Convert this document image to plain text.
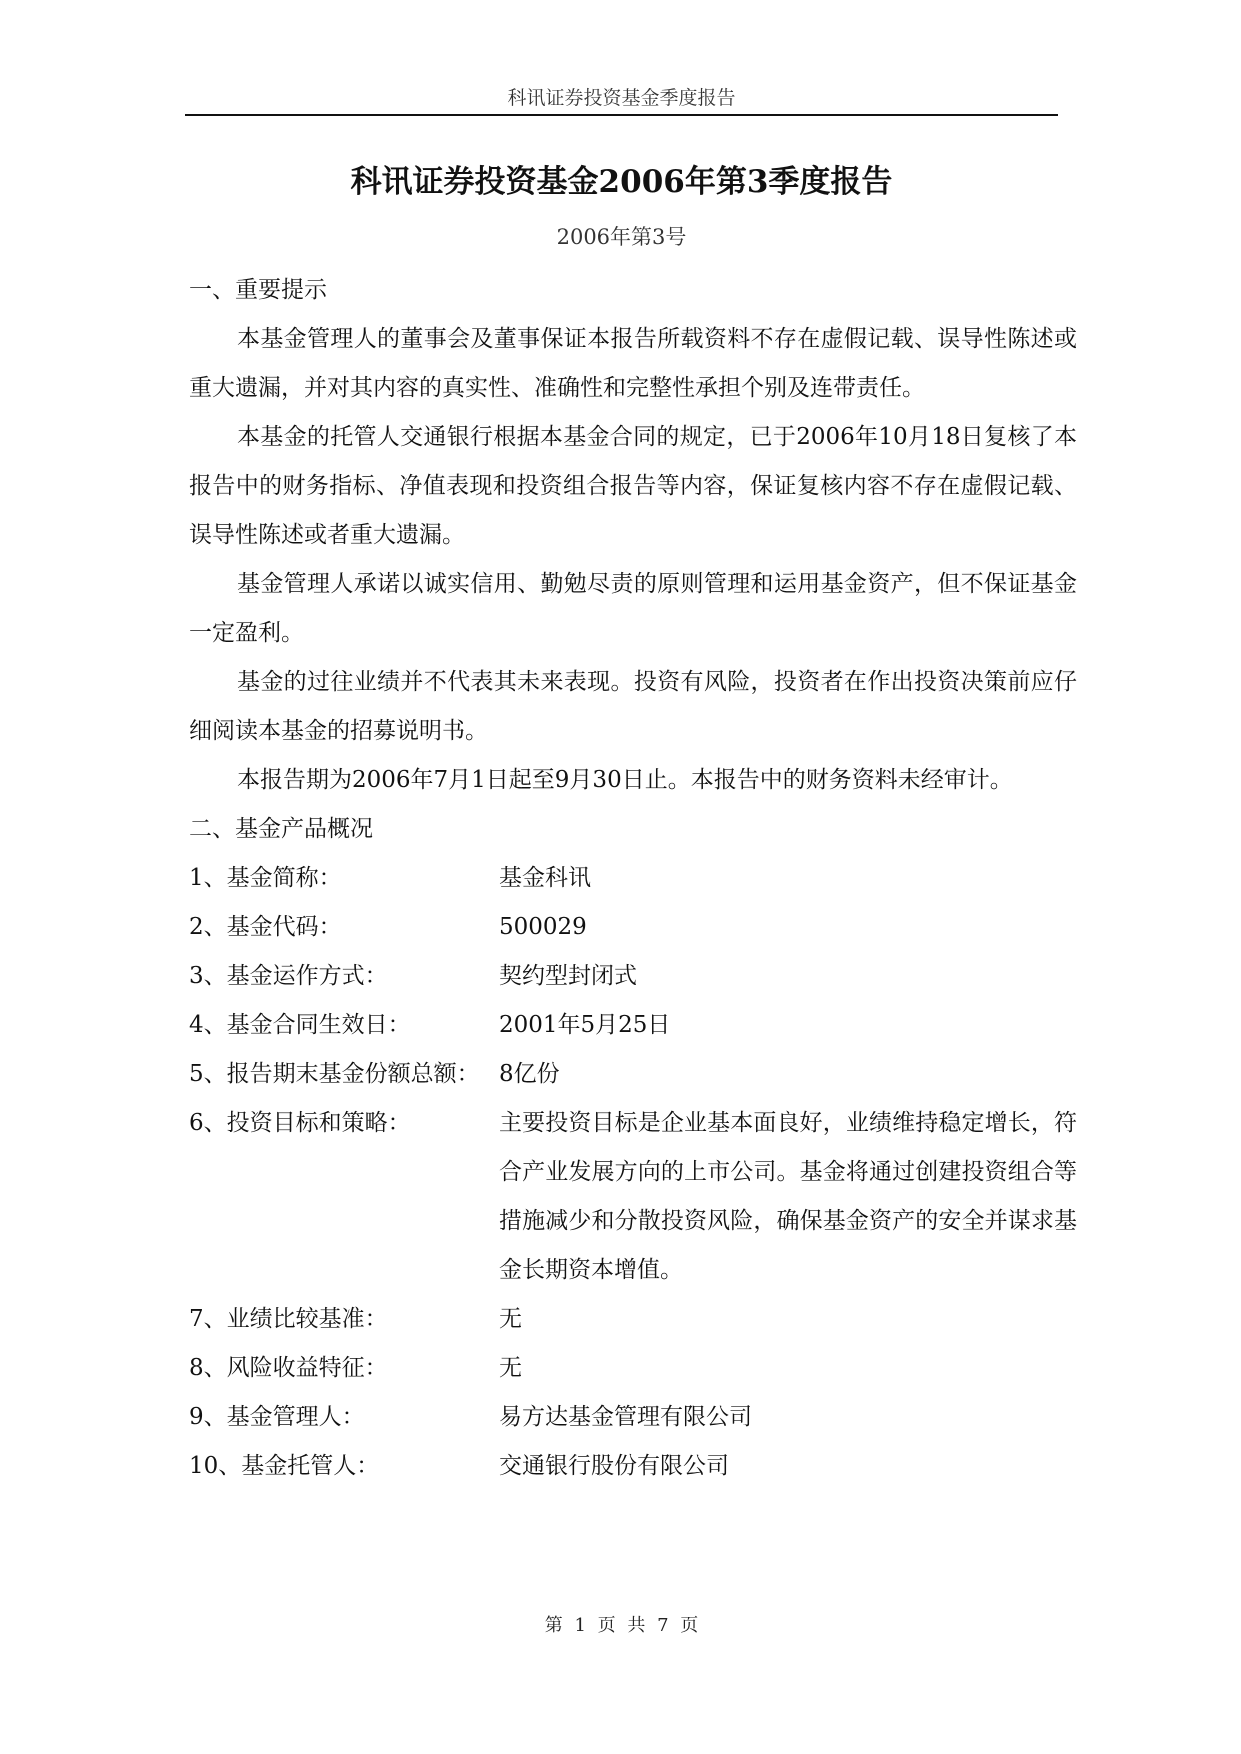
科讯证券投资基金季度报告
科讯证券投资基金2006年第3季度报告
2006年第3号
一、重要提示

本基金管理人的董事会及董事保证本报告所载资料不存在虚假记载、误导性陈述或重大遗漏，并对其内容的真实性、准确性和完整性承担个别及连带责任。

本基金的托管人交通银行根据本基金合同的规定，已于2006年10月18日复核了本报告中的财务指标、净值表现和投资组合报告等内容，保证复核内容不存在虚假记载、误导性陈述或者重大遗漏。

基金管理人承诺以诚实信用、勤勉尽责的原则管理和运用基金资产，但不保证基金一定盈利。

基金的过往业绩并不代表其未来表现。投资有风险，投资者在作出投资决策前应仔细阅读本基金的招募说明书。

本报告期为2006年7月1日起至9月30日止。本报告中的财务资料未经审计。

二、基金产品概况
1、基金简称：	基金科讯
2、基金代码：	500029
3、基金运作方式：	契约型封闭式
4、基金合同生效日：	2001年5月25日
5、报告期末基金份额总额： 8亿份
6、投资目标和策略：	主要投资目标是企业基本面良好，业绩维持稳定增长，符合产业发展方向的上市公司。基金将通过创建投资组合等措施减少和分散投资风险，确保基金资产的安全并谋求基金长期资本增值。
7、业绩比较基准：	无
8、风险收益特征：	无
9、基金管理人：	易方达基金管理有限公司
10、基金托管人：	交通银行股份有限公司
第 1 页 共 7 页
